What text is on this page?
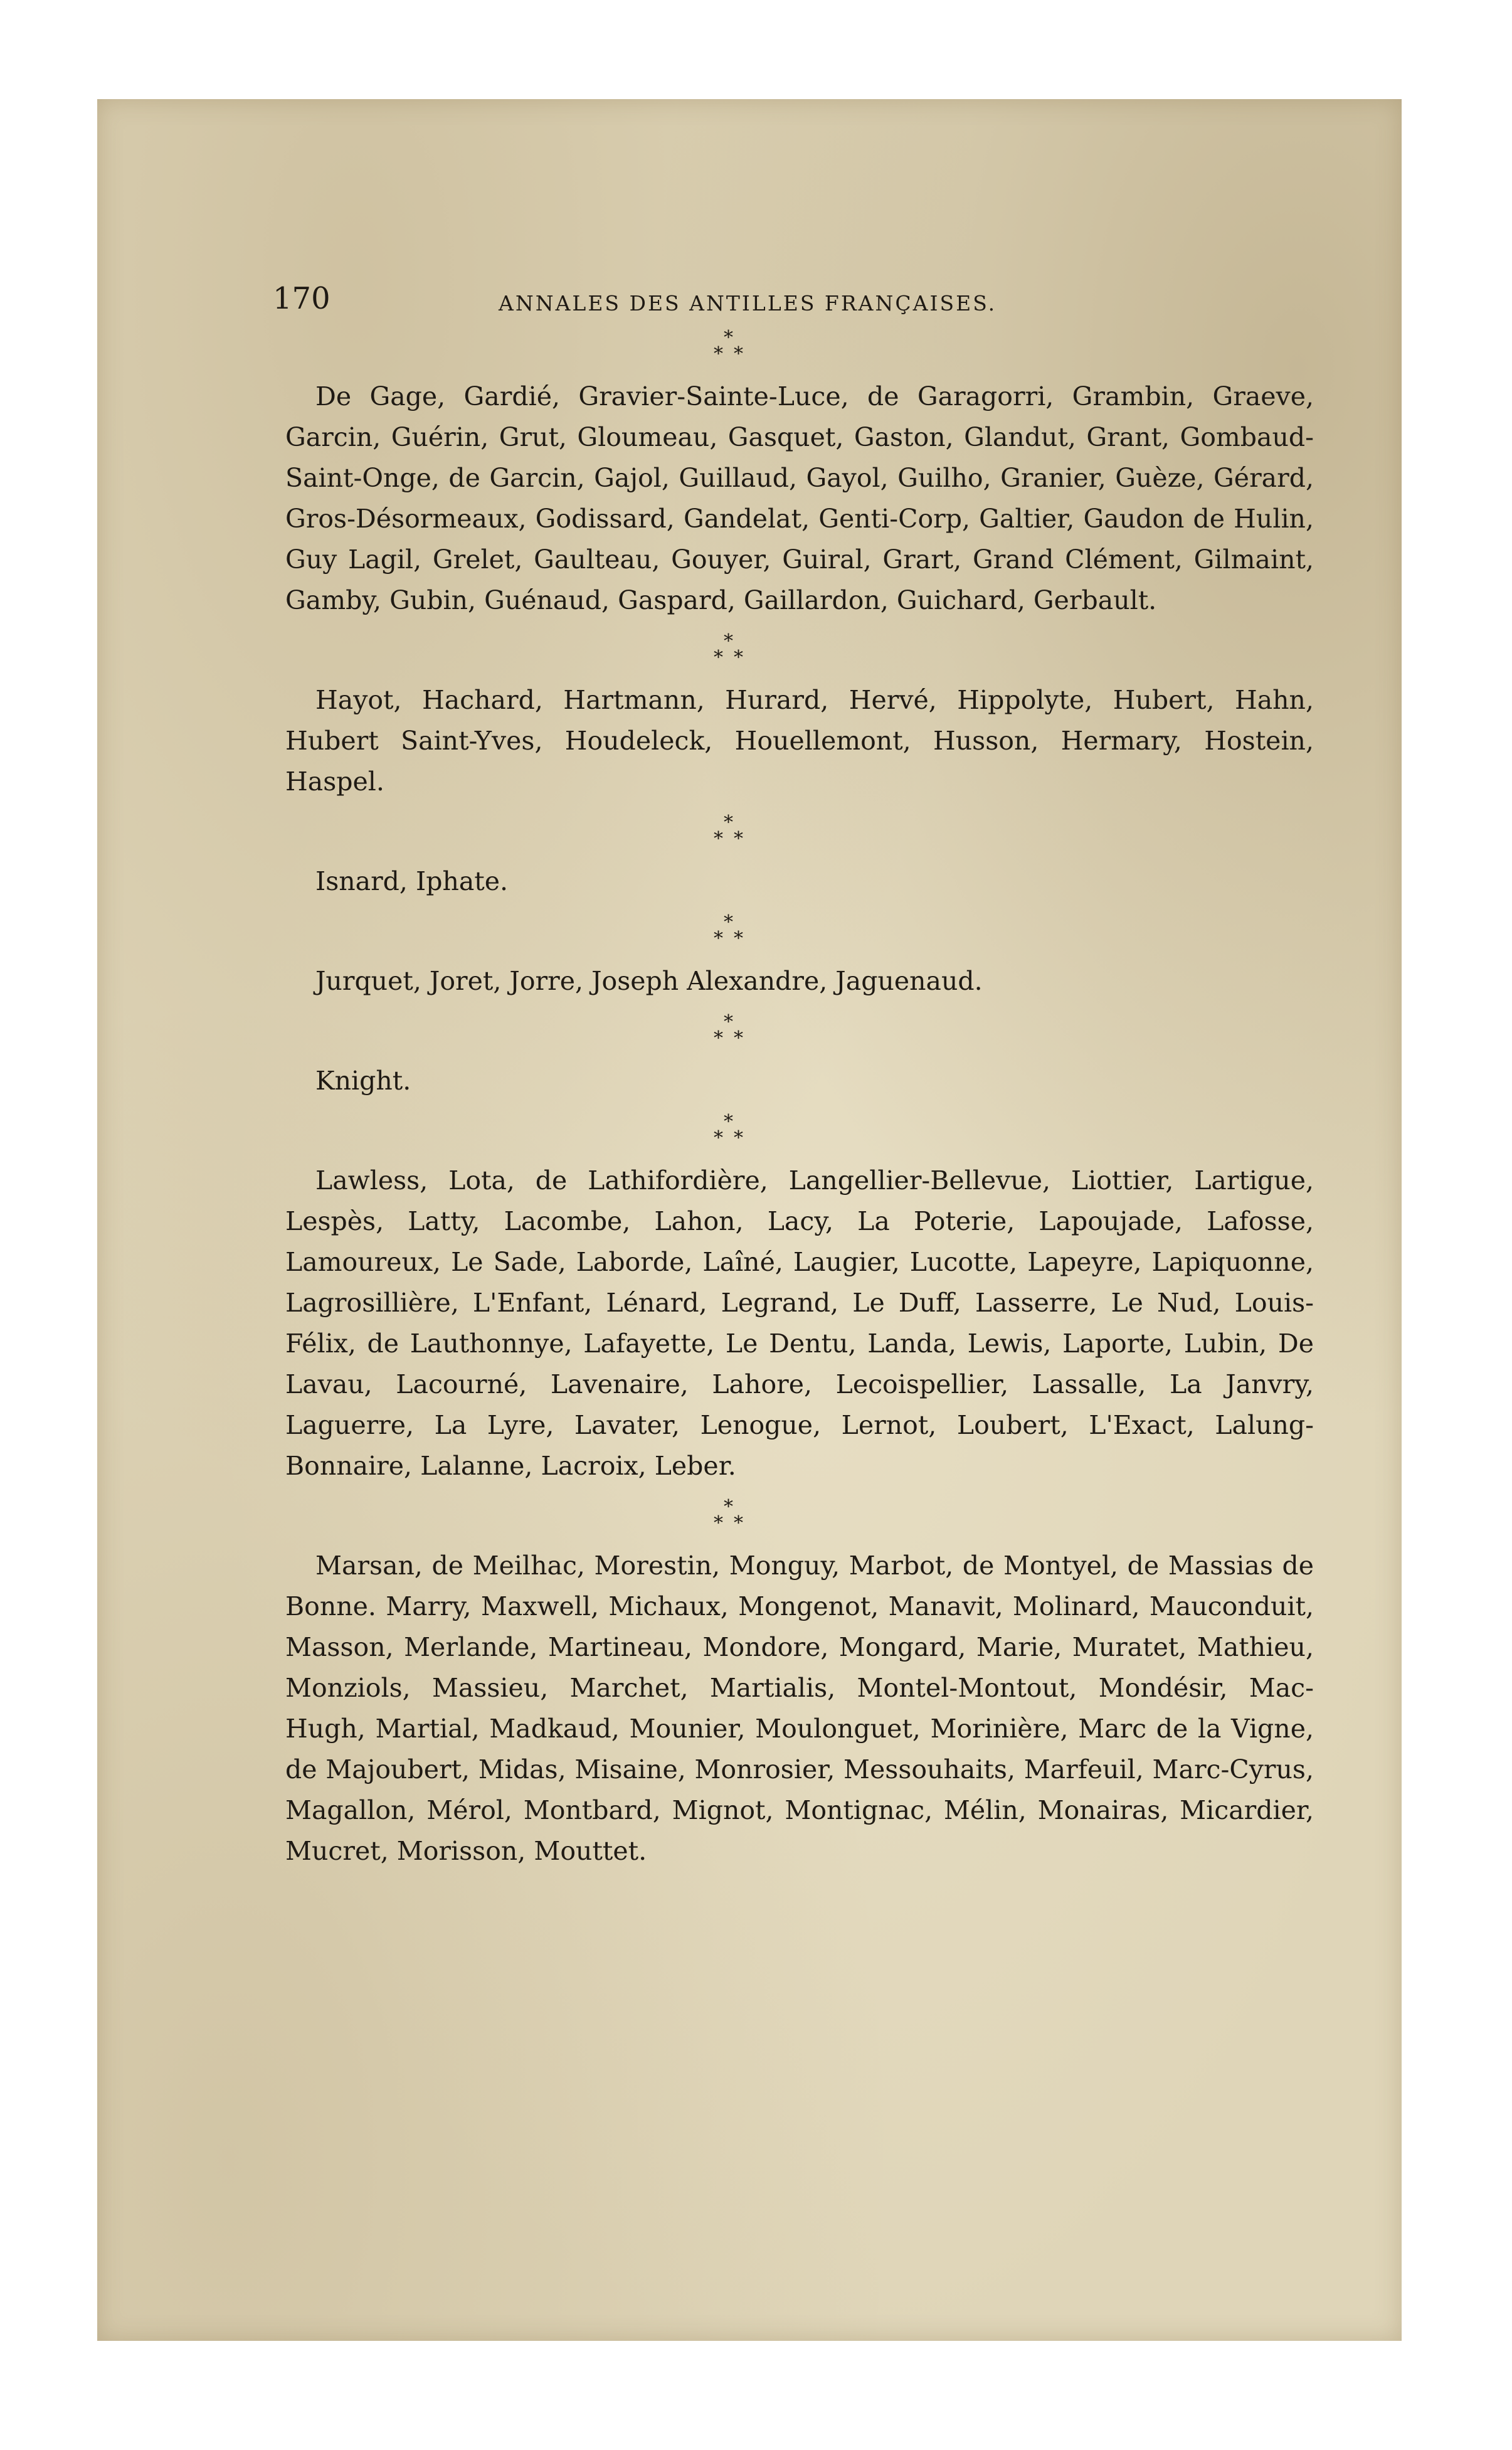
170	ANNALES DES ANTILLES FRANÇAISES.
*
* *

De Gage, Gardié, Gravier-Sainte-Luce, de Garagorri, Grambin, Graeve, Garcin, Guérin, Grut, Gloumeau, Gasquet, Gaston, Glandut, Grant, Gombaud-Saint-Onge, de Garcin, Gajol, Guillaud, Gayol, Guilho, Granier, Guèze, Gérard, Gros-Désormeaux, Godissard, Gandelat, Genti-Corp, Galtier, Gaudon de Hulin, Guy Lagil, Grelet, Gaulteau, Gouyer, Guiral, Grart, Grand Clément, Gilmaint, Gamby, Gubin, Guénaud, Gaspard, Gaillardon, Guichard, Gerbault.

*
* *

Hayot, Hachard, Hartmann, Hurard, Hervé, Hippolyte, Hubert, Hahn, Hubert Saint-Yves, Houdeleck, Houellemont, Husson, Hermary, Hostein, Haspel.

*
* *

Isnard, Iphate.

*
* *

Jurquet, Joret, Jorre, Joseph Alexandre, Jaguenaud.

*
* *

Knight.

*
* *

Lawless, Lota, de Lathifordière, Langellier-Bellevue, Liottier, Lartigue, Lespès, Latty, Lacombe, Lahon, Lacy, La Poterie, Lapoujade, Lafosse, Lamoureux, Le Sade, Laborde, Laîné, Laugier, Lucotte, Lapeyre, Lapiquonne, Lagrosillière, L'Enfant, Lénard, Legrand, Le Duff, Lasserre, Le Nud, Louis-Félix, de Lauthonnye, Lafayette, Le Dentu, Landa, Lewis, Laporte, Lubin, De Lavau, Lacourné, Lavenaire, Lahore, Lecoispellier, Lassalle, La Janvry, Laguerre, La Lyre, Lavater, Lenogue, Lernot, Loubert, L'Exact, Lalung-Bonnaire, Lalanne, Lacroix, Leber.

*
* *

Marsan, de Meilhac, Morestin, Monguy, Marbot, de Montyel, de Massias de Bonne. Marry, Maxwell, Michaux, Mongenot, Manavit, Molinard, Mauconduit, Masson, Merlande, Martineau, Mondore, Mongard, Marie, Muratet, Mathieu, Monziols, Massieu, Marchet, Martialis, Montel-Montout, Mondésir, Mac-Hugh, Martial, Madkaud, Mounier, Moulonguet, Morinière, Marc de la Vigne, de Majoubert, Midas, Misaine, Monrosier, Messouhaits, Marfeuil, Marc-Cyrus, Magallon, Mérol, Montbard, Mignot, Montignac, Mélin, Monairas, Micardier, Mucret, Morisson, Mouttet.
